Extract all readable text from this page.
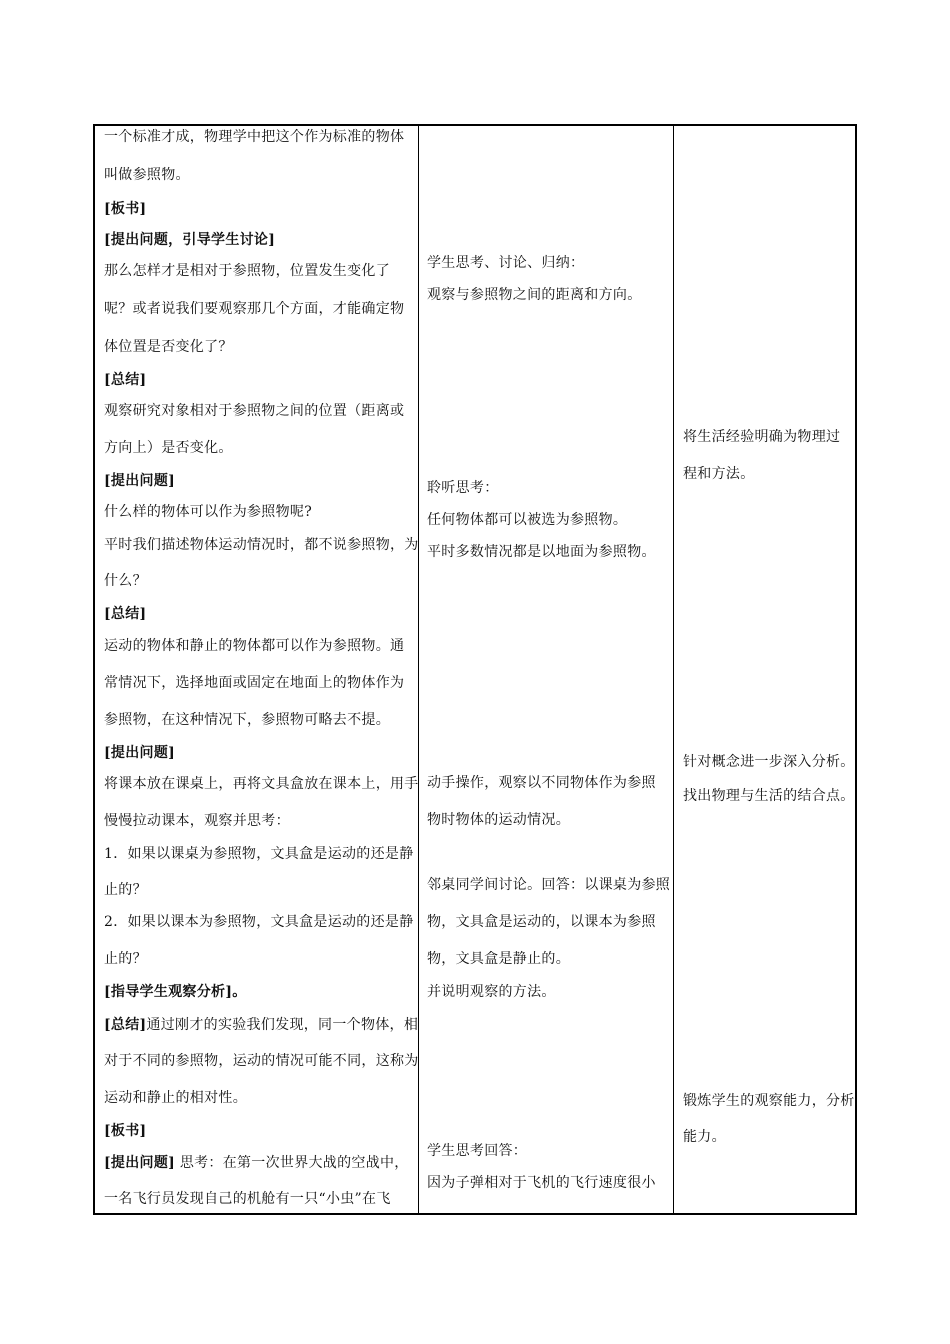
一个标准才成，物理学中把这个作为标准的物体
叫做参照物。
[板书]
[提出问题，引导学生讨论]
那么怎样才是相对于参照物，位置发生变化了
呢？或者说我们要观察那几个方面，才能确定物
体位置是否变化了？
[总结]
观察研究对象相对于参照物之间的位置（距离或
方向上）是否变化。
[提出问题]
什么样的物体可以作为参照物呢?
平时我们描述物体运动情况时，都不说参照物，为
什么？
[总结]
运动的物体和静止的物体都可以作为参照物。通
常情况下，选择地面或固定在地面上的物体作为
参照物，在这种情况下，参照物可略去不提。
[提出问题]
将课本放在课桌上，再将文具盒放在课本上，用手
慢慢拉动课本，观察并思考：
1．如果以课桌为参照物，文具盒是运动的还是静
止的？
2．如果以课本为参照物，文具盒是运动的还是静
止的？
[指导学生观察分析]。
[总结]通过刚才的实验我们发现，同一个物体，相
对于不同的参照物，运动的情况可能不同，这称为
运动和静止的相对性。
[板书]
[提出问题] 思考：在第一次世界大战的空战中，
一名飞行员发现自己的机舱有一只“小虫”在飞
学生思考、讨论、归纳：
观察与参照物之间的距离和方向。
聆听思考：
任何物体都可以被选为参照物。
平时多数情况都是以地面为参照物。
动手操作，观察以不同物体作为参照
物时物体的运动情况。
邻桌同学间讨论。回答：以课桌为参照
物，文具盒是运动的，以课本为参照
物，文具盒是静止的。
并说明观察的方法。
学生思考回答：
因为子弹相对于飞机的飞行速度很小
将生活经验明确为物理过
程和方法。
针对概念进一步深入分析。
找出物理与生活的结合点。
锻炼学生的观察能力，分析
能力。
